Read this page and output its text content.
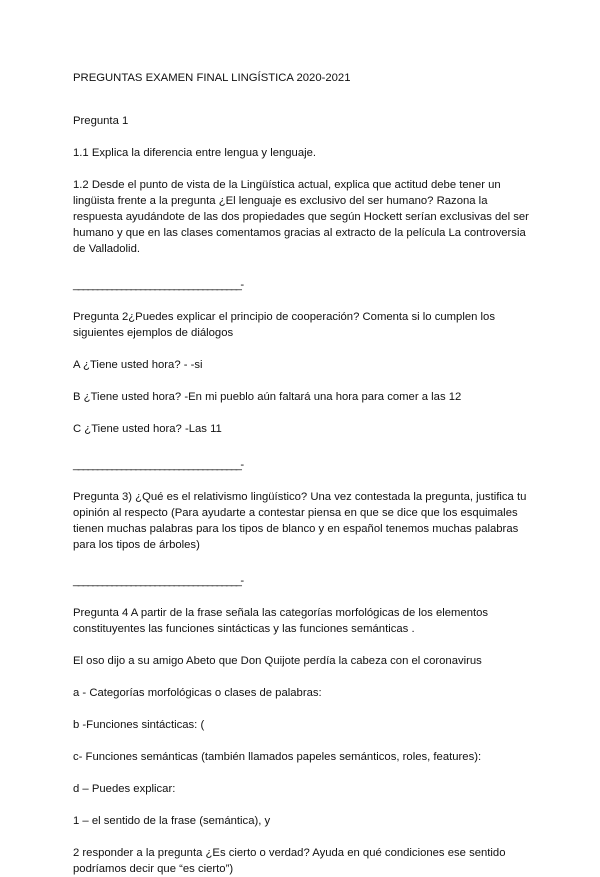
PREGUNTAS EXAMEN FINAL LINGÍSTICA 2020-2021

Pregunta 1

1.1 Explica la diferencia entre lengua y lenguaje.

1.2 Desde el punto de vista de la Lingüística actual, explica que actitud debe tener un lingüista frente a la pregunta ¿El lenguaje es exclusivo del ser humano? Razona la respuesta ayudándote de las dos propiedades que según Hockett serían exclusivas del ser humano y que en las clases comentamos gracias al extracto de la película La controversia de Valladolid.

___________________________________-

Pregunta 2¿Puedes explicar el principio de cooperación? Comenta si lo cumplen los siguientes ejemplos de diálogos

A ¿Tiene usted hora? - -si

B ¿Tiene usted hora? -En mi pueblo aún faltará una hora para comer a las 12

C ¿Tiene usted hora? -Las 11

___________________________________-

Pregunta 3) ¿Qué es el relativismo lingüístico? Una vez contestada la pregunta, justifica tu opinión al respecto (Para ayudarte a contestar piensa en que se dice que los esquimales tienen muchas palabras para los tipos de blanco y en español tenemos muchas palabras para los tipos de árboles)

___________________________________-

Pregunta 4 A partir de la frase señala las categorías morfológicas de los elementos constituyentes las funciones sintácticas y las funciones semánticas .

El oso dijo a su amigo Abeto que Don Quijote perdía la cabeza con el coronavirus

a - Categorías morfológicas o clases de palabras:

b -Funciones sintácticas: (

c- Funciones semánticas (también llamados papeles semánticos, roles, features):

d – Puedes explicar:

1 – el sentido de la frase (semántica), y

2 responder a la pregunta ¿Es cierto o verdad? Ayuda en qué condiciones ese sentido podríamos decir que “es cierto”)
